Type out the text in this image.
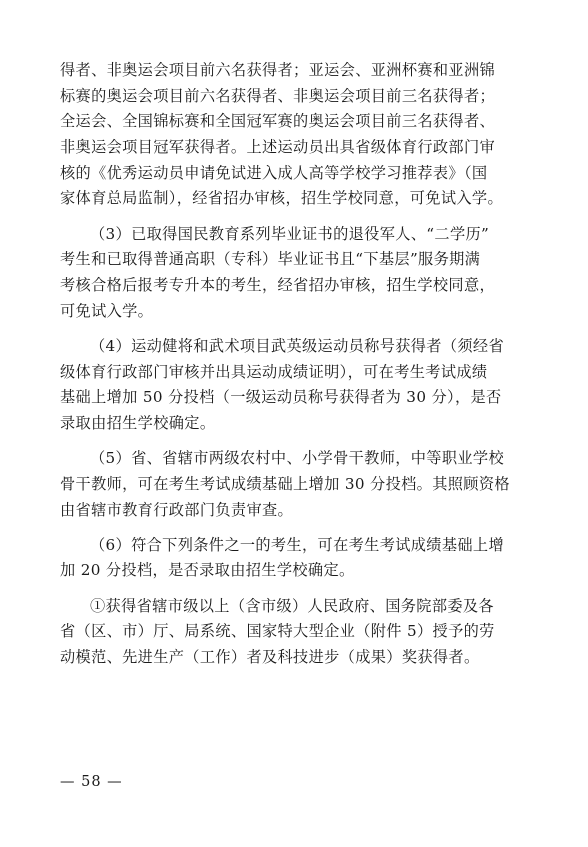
得者、非奥运会项目前六名获得者；亚运会、亚洲杯赛和亚洲锦
标赛的奥运会项目前六名获得者、非奥运会项目前三名获得者；
全运会、全国锦标赛和全国冠军赛的奥运会项目前三名获得者、
非奥运会项目冠军获得者。上述运动员出具省级体育行政部门审
核的《优秀运动员申请免试进入成人高等学校学习推荐表》（国
家体育总局监制），经省招办审核，招生学校同意，可免试入学。
（3）已取得国民教育系列毕业证书的退役军人、“二学历”
考生和已取得普通高职（专科）毕业证书且“下基层”服务期满
考核合格后报考专升本的考生，经省招办审核，招生学校同意，
可免试入学。
（4）运动健将和武术项目武英级运动员称号获得者（须经省
级体育行政部门审核并出具运动成绩证明），可在考生考试成绩
基础上增加 50 分投档（一级运动员称号获得者为 30 分），是否
录取由招生学校确定。
（5）省、省辖市两级农村中、小学骨干教师，中等职业学校
骨干教师，可在考生考试成绩基础上增加 30 分投档。其照顾资格
由省辖市教育行政部门负责审查。
（6）符合下列条件之一的考生，可在考生考试成绩基础上增
加 20 分投档，是否录取由招生学校确定。
①获得省辖市级以上（含市级）人民政府、国务院部委及各
省（区、市）厅、局系统、国家特大型企业（附件 5）授予的劳
动模范、先进生产（工作）者及科技进步（成果）奖获得者。
— 58 —
